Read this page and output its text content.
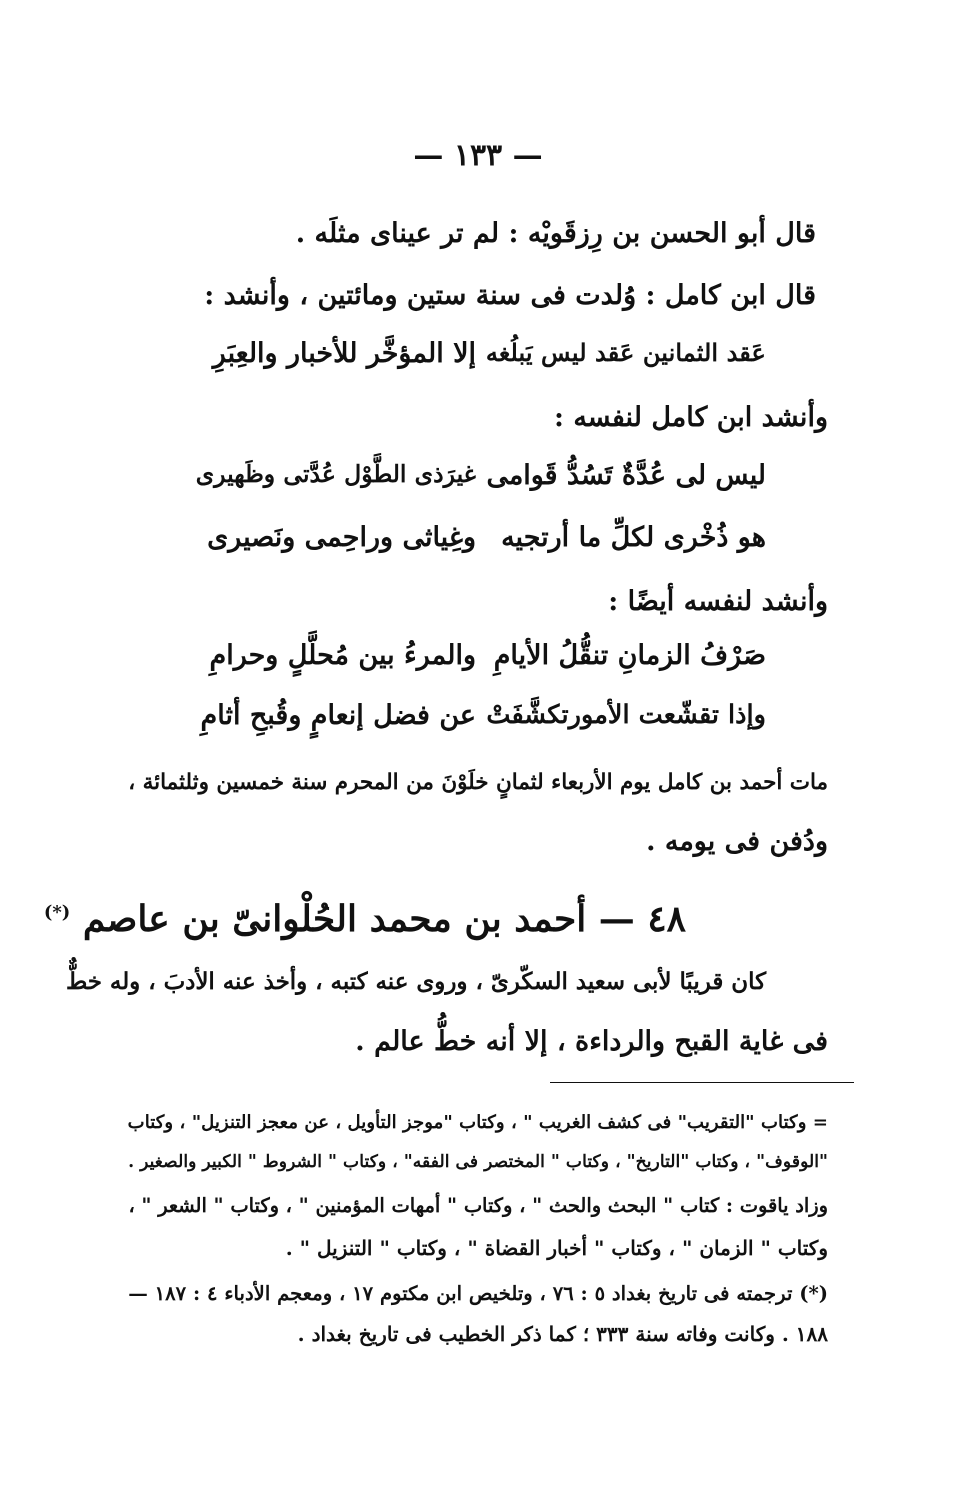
— ١٣٣ —
قال أبو الحسن بن رِزقَويْه : لم تر عيناى مثلَه .
قال ابن كامل : وُلدت فى سنة ستين ومائتين ، وأنشد :
عَقد الثمانين عَقد ليس يَبلُغه
إلا المؤخَّر للأخبار والعِبَرِ
وأنشد ابن كامل لنفسه :
ليس لى عُدَّةٌ تَسُدُّ قَوامى
غيرَذى الطَّوْل عُدَّتى وظَهيرى
هو ذُخْرى لكلِّ ما أرتجيه
وغِياثى وراحِمى ونَصيرى
وأنشد لنفسه أيضًا :
صَرْفُ الزمانِ تنقُّلُ الأيامِ
والمرءُ بين مُحلَّلٍ وحرامِ
وإذا تقشّعت الأمورتكشَّفَتْ
عن فضل إنعامٍ وقُبحِ أثامِ
مات أحمد بن كامل يوم الأربعاء لثمانٍ خلَوْنَ من المحرم سنة خمسين وثلثمائة ،
ودُفن فى يومه .
٤٨ — أحمد بن محمد الحُلْوانىّ بن عاصم (*)
كان قريبًا لأبى سعيد السكّرىّ ، وروى عنه كتبه ، وأخذ عنه الأدبَ ، وله خطٌّ
فى غاية القبح والرداءة ، إلا أنه خطُّ عالم .
= وكتاب "التقريب" فى كشف الغريب " ، وكتاب "موجز التأويل ، عن معجز التنزيل" ، وكتاب
"الوقوف" ، وكتاب "التاريخ" ، وكتاب " المختصر فى الفقه" ، وكتاب " الشروط " الكبير والصغير .
وزاد ياقوت : كتاب " البحث والحث " ، وكتاب " أمهات المؤمنين " ، وكتاب " الشعر " ،
وكتاب " الزمان " ، وكتاب " أخبار القضاة " ، وكتاب " التنزيل " .
(*) ترجمته فى تاريخ بغداد ٥ : ٧٦ ، وتلخيص ابن مكتوم ١٧ ، ومعجم الأدباء ٤ : ١٨٧ —
١٨٨ . وكانت وفاته سنة ٣٣٣ ؛ كما ذكر الخطيب فى تاريخ بغداد .
